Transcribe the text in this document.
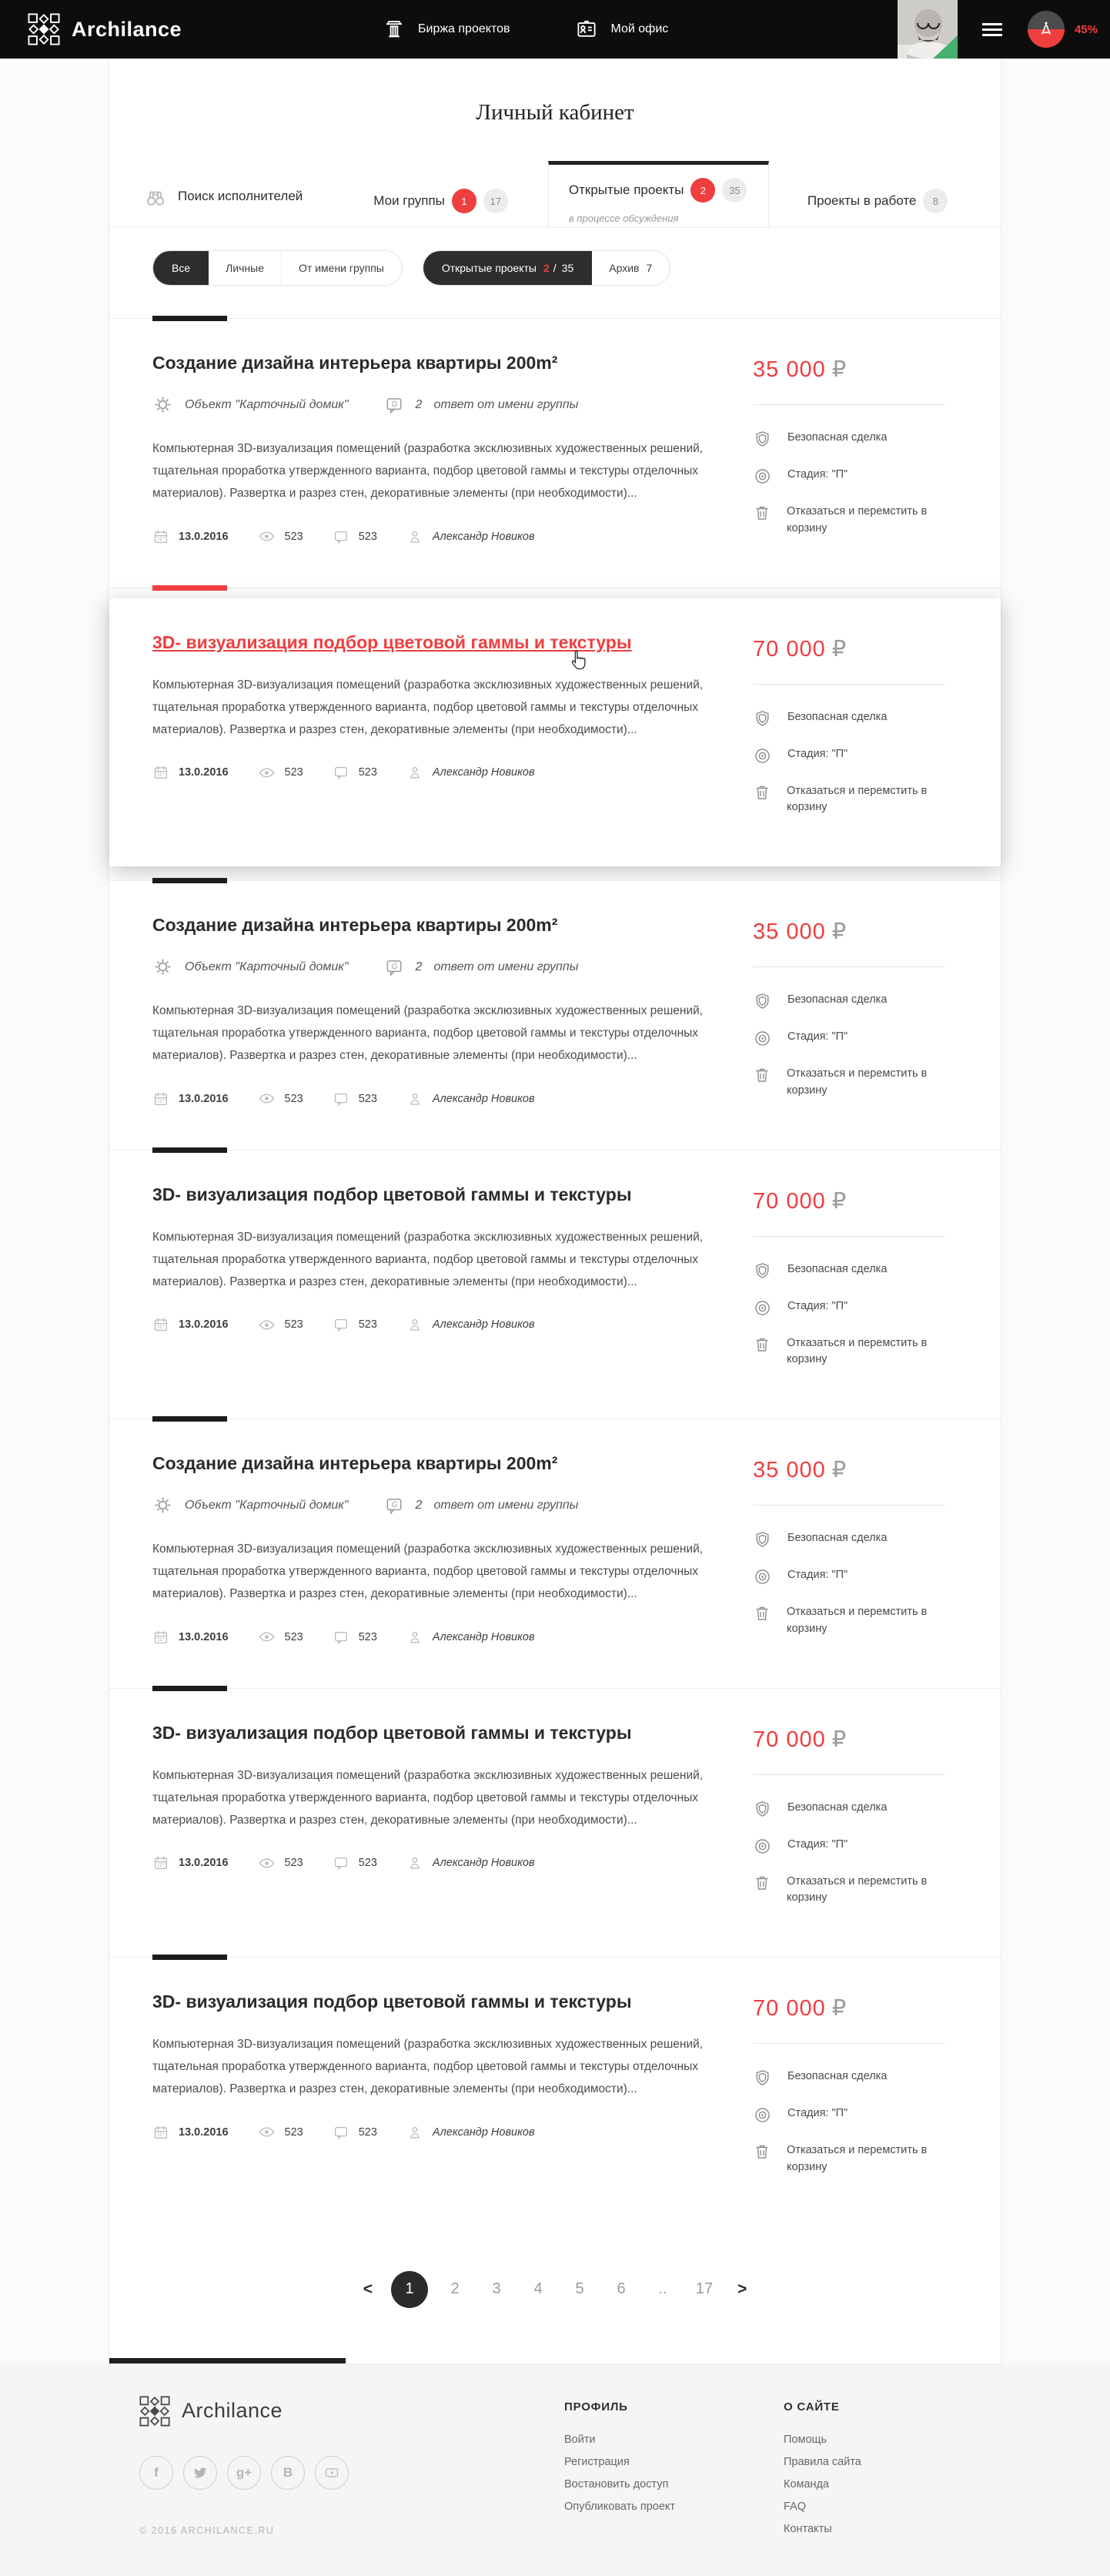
Archilance	Биржа проектов	Мой офис	45%
Личный кабинет
Поиск исполнителей	Мои группы	1	17
Открытые проекты	2	35
в процессе обсуждения
Проекты в работе	8
Все	Личные	От имени группы	Открытые проекты 2 / 35	Архив 7
Создание дизайна интерьера квартиры 200m²
Объект "Карточный домик"	G 2 ответ от имени группы

Компьютерная 3D-визуализация помещений (разработка эксклюзивных художественных решений, тщательная проработка утвержденного варианта, подбор цветовой гаммы и текстуры отделочных материалов). Развертка и разрез стен, декоративные элементы (при необходимости)...

13.0.2016	523	523	Александр Новиков
35 000 ₽
Безопасная сделка
Стадия: "П"
Отказаться и перемстить в корзину
3D- визуализация подбор цветовой гаммы и текстуры

Компьютерная 3D-визуализация помещений (разработка эксклюзивных художественных решений, тщательная проработка утвержденного варианта, подбор цветовой гаммы и текстуры отделочных материалов). Развертка и разрез стен, декоративные элементы (при необходимости)...

13.0.2016	523	523	Александр Новиков
70 000 ₽
Безопасная сделка
Стадия: "П"
Отказаться и перемстить в корзину
Создание дизайна интерьера квартиры 200m²
Объект "Карточный домик"	G 2 ответ от имени группы

Компьютерная 3D-визуализация помещений (разработка эксклюзивных художественных решений, тщательная проработка утвержденного варианта, подбор цветовой гаммы и текстуры отделочных материалов). Развертка и разрез стен, декоративные элементы (при необходимости)...

13.0.2016	523	523	Александр Новиков
35 000 ₽
Безопасная сделка
Стадия: "П"
Отказаться и перемстить в корзину
3D- визуализация подбор цветовой гаммы и текстуры

Компьютерная 3D-визуализация помещений (разработка эксклюзивных художественных решений, тщательная проработка утвержденного варианта, подбор цветовой гаммы и текстуры отделочных материалов). Развертка и разрез стен, декоративные элементы (при необходимости)...

13.0.2016	523	523	Александр Новиков
70 000 ₽
Безопасная сделка
Стадия: "П"
Отказаться и перемстить в корзину
Создание дизайна интерьера квартиры 200m²
Объект "Карточный домик"	G 2 ответ от имени группы

Компьютерная 3D-визуализация помещений (разработка эксклюзивных художественных решений, тщательная проработка утвержденного варианта, подбор цветовой гаммы и текстуры отделочных материалов). Развертка и разрез стен, декоративные элементы (при необходимости)...

13.0.2016	523	523	Александр Новиков
35 000 ₽
Безопасная сделка
Стадия: "П"
Отказаться и перемстить в корзину
3D- визуализация подбор цветовой гаммы и текстуры

Компьютерная 3D-визуализация помещений (разработка эксклюзивных художественных решений, тщательная проработка утвержденного варианта, подбор цветовой гаммы и текстуры отделочных материалов). Развертка и разрез стен, декоративные элементы (при необходимости)...

13.0.2016	523	523	Александр Новиков
70 000 ₽
Безопасная сделка
Стадия: "П"
Отказаться и перемстить в корзину
3D- визуализация подбор цветовой гаммы и текстуры

Компьютерная 3D-визуализация помещений (разработка эксклюзивных художественных решений, тщательная проработка утвержденного варианта, подбор цветовой гаммы и текстуры отделочных материалов). Развертка и разрез стен, декоративные элементы (при необходимости)...

13.0.2016	523	523	Александр Новиков
70 000 ₽
Безопасная сделка
Стадия: "П"
Отказаться и перемстить в корзину
<	1	2	3	4	5	6	..	17	>
Archilance
f	g+ B
© 2016 ARCHILANCE.RU
ПРОФИЛЬ
Войти
Регистрация
Востановить доступ
Опубликовать проект
О САЙТЕ
Помощь
Правила сайта
Команда
FAQ
Контакты
